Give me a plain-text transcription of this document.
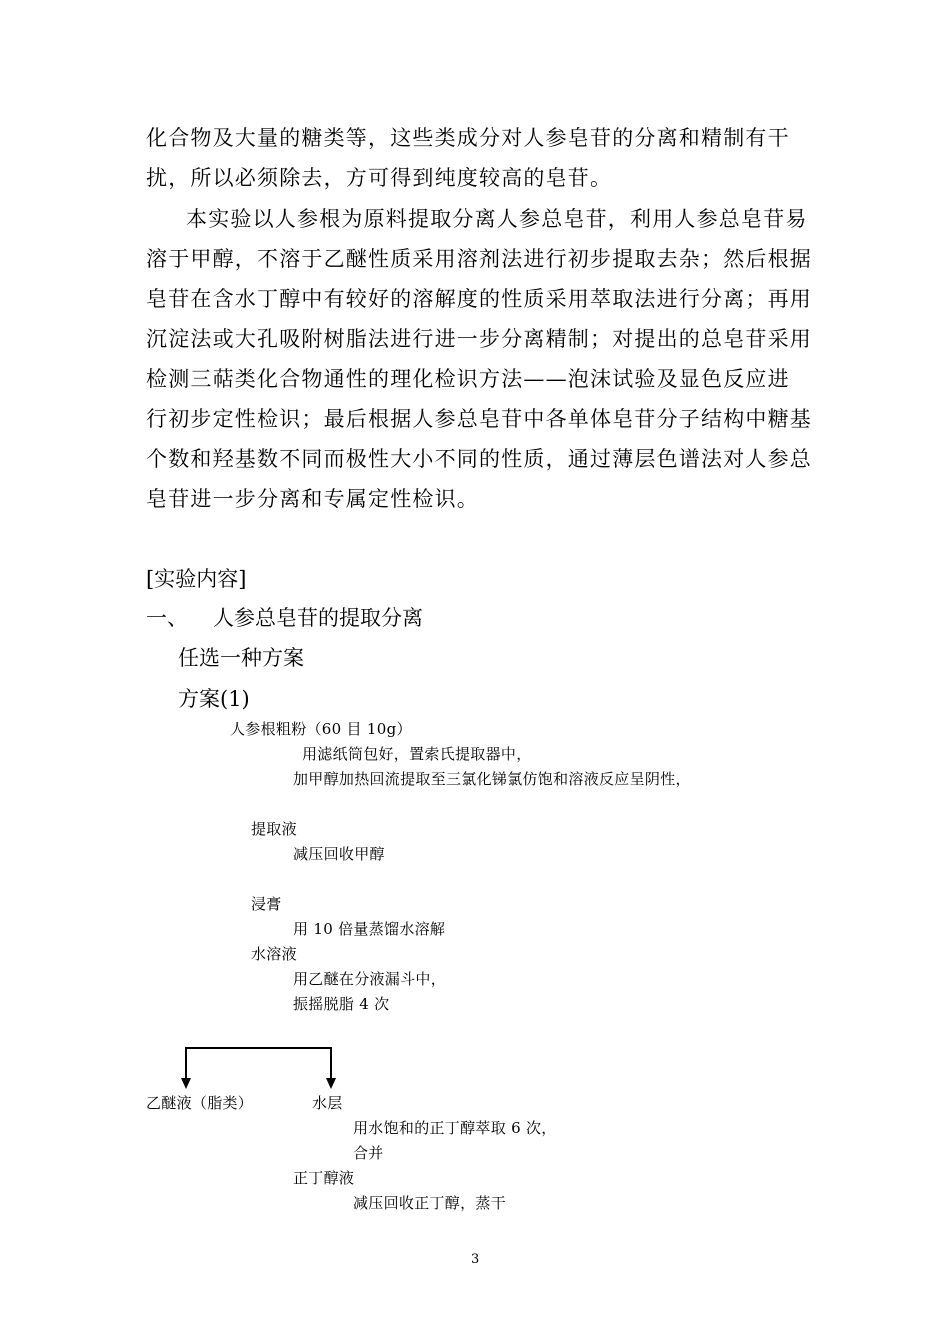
化合物及大量的糖类等，这些类成分对人参皂苷的分离和精制有干
扰，所以必须除去，方可得到纯度较高的皂苷。
本实验以人参根为原料提取分离人参总皂苷，利用人参总皂苷易
溶于甲醇，不溶于乙醚性质采用溶剂法进行初步提取去杂；然后根据
皂苷在含水丁醇中有较好的溶解度的性质采用萃取法进行分离；再用
沉淀法或大孔吸附树脂法进行进一步分离精制；对提出的总皂苷采用
检测三萜类化合物通性的理化检识方法——泡沫试验及显色反应进
行初步定性检识；最后根据人参总皂苷中各单体皂苷分子结构中糖基
个数和羟基数不同而极性大小不同的性质，通过薄层色谱法对人参总
皂苷进一步分离和专属定性检识。
[实验内容]
一、 人参总皂苷的提取分离
任选一种方案
方案(1)
人参根粗粉（60 目 10g）
用滤纸筒包好，置索氏提取器中，
加甲醇加热回流提取至三氯化锑氯仿饱和溶液反应呈阴性，
提取液
减压回收甲醇
浸膏
用 10 倍量蒸馏水溶解
水溶液
用乙醚在分液漏斗中，
振摇脱脂 4 次
乙醚液（脂类）	水层
用水饱和的正丁醇萃取 6 次，
合并
正丁醇液
减压回收正丁醇，蒸干
3
